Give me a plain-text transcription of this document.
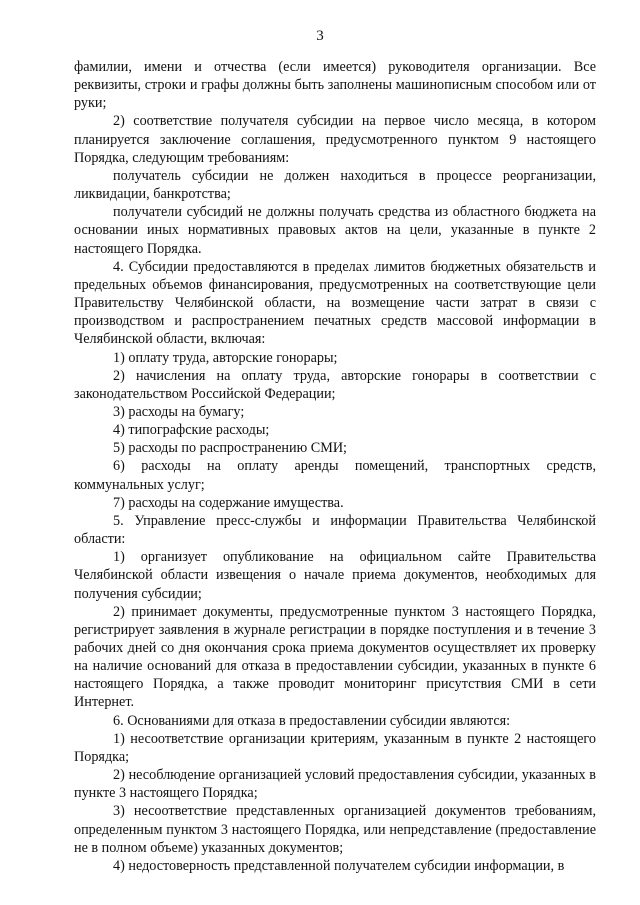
3

фамилии, имени и отчества (если имеется) руководителя организации. Все реквизиты, строки и графы должны быть заполнены машинописным способом или от руки;

2) соответствие получателя субсидии на первое число месяца, в котором планируется заключение соглашения, предусмотренного пунктом 9 настоящего Порядка, следующим требованиям:

получатель субсидии не должен находиться в процессе реорганизации, ликвидации, банкротства;

получатели субсидий не должны получать средства из областного бюджета на основании иных нормативных правовых актов на цели, указанные в пункте 2 настоящего Порядка.

4. Субсидии предоставляются в пределах лимитов бюджетных обязательств и предельных объемов финансирования, предусмотренных на соответствующие цели Правительству Челябинской области, на возмещение части затрат в связи с производством и распространением печатных средств массовой информации в Челябинской области, включая:

1) оплату труда, авторские гонорары;

2) начисления на оплату труда, авторские гонорары в соответствии с законодательством Российской Федерации;

3) расходы на бумагу;

4) типографские расходы;

5) расходы по распространению СМИ;

6) расходы на оплату аренды помещений, транспортных средств, коммунальных услуг;

7) расходы на содержание имущества.

5. Управление пресс-службы и информации Правительства Челябинской области:

1) организует опубликование на официальном сайте Правительства Челябинской области извещения о начале приема документов, необходимых для получения субсидии;

2) принимает документы, предусмотренные пунктом 3 настоящего Порядка, регистрирует заявления в журнале регистрации в порядке поступления и в течение 3 рабочих дней со дня окончания срока приема документов осуществляет их проверку на наличие оснований для отказа в предоставлении субсидии, указанных в пункте 6 настоящего Порядка, а также проводит мониторинг присутствия СМИ в сети Интернет.

6. Основаниями для отказа в предоставлении субсидии являются:

1) несоответствие организации критериям, указанным в пункте 2 настоящего Порядка;

2) несоблюдение организацией условий предоставления субсидии, указанных в пункте 3 настоящего Порядка;

3) несоответствие представленных организацией документов требованиям, определенным пунктом 3 настоящего Порядка, или непредставление (предоставление не в полном объеме) указанных документов;

4) недостоверность представленной получателем субсидии информации, в
